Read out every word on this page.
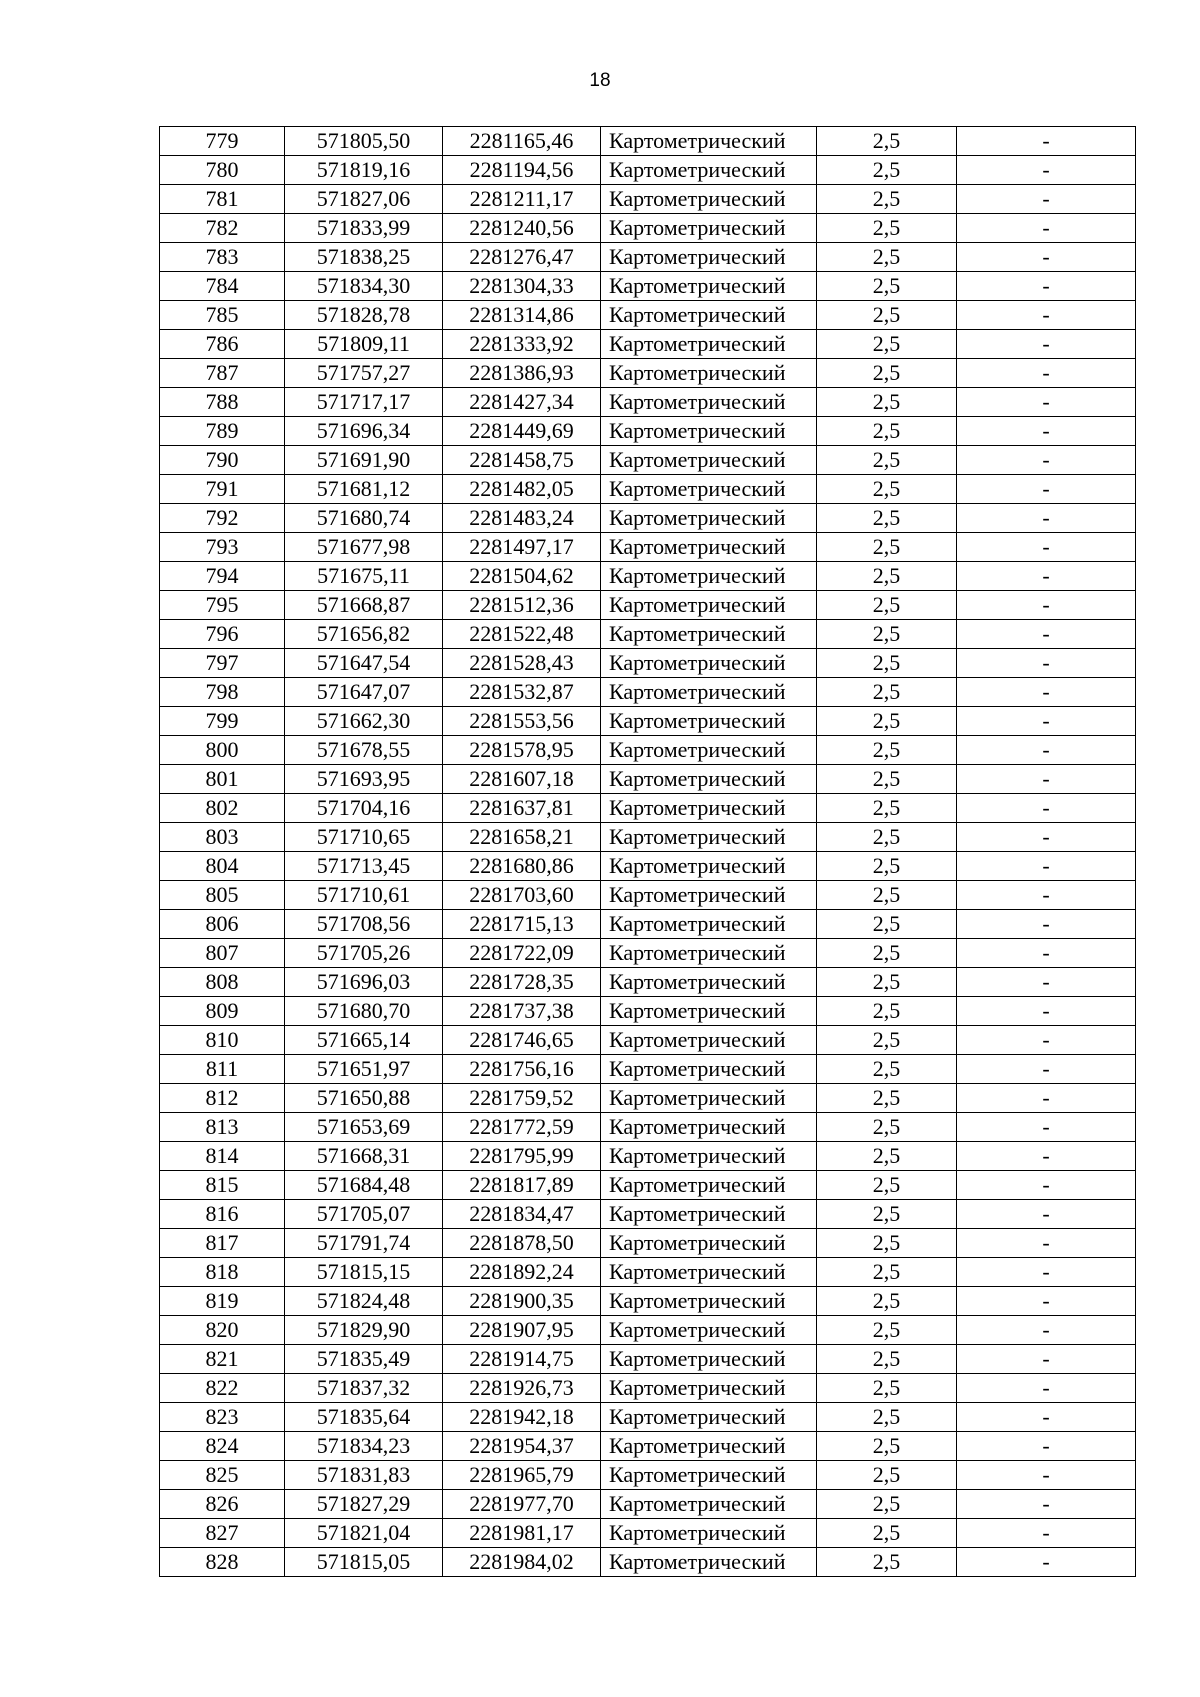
18
779	571805,50	2281165,46	Картометрический	2,5	-
780	571819,16	2281194,56	Картометрический	2,5	-
781	571827,06	2281211,17	Картометрический	2,5	-
782	571833,99	2281240,56	Картометрический	2,5	-
783	571838,25	2281276,47	Картометрический	2,5	-
784	571834,30	2281304,33	Картометрический	2,5	-
785	571828,78	2281314,86	Картометрический	2,5	-
786	571809,11	2281333,92	Картометрический	2,5	-
787	571757,27	2281386,93	Картометрический	2,5	-
788	571717,17	2281427,34	Картометрический	2,5	-
789	571696,34	2281449,69	Картометрический	2,5	-
790	571691,90	2281458,75	Картометрический	2,5	-
791	571681,12	2281482,05	Картометрический	2,5	-
792	571680,74	2281483,24	Картометрический	2,5	-
793	571677,98	2281497,17	Картометрический	2,5	-
794	571675,11	2281504,62	Картометрический	2,5	-
795	571668,87	2281512,36	Картометрический	2,5	-
796	571656,82	2281522,48	Картометрический	2,5	-
797	571647,54	2281528,43	Картометрический	2,5	-
798	571647,07	2281532,87	Картометрический	2,5	-
799	571662,30	2281553,56	Картометрический	2,5	-
800	571678,55	2281578,95	Картометрический	2,5	-
801	571693,95	2281607,18	Картометрический	2,5	-
802	571704,16	2281637,81	Картометрический	2,5	-
803	571710,65	2281658,21	Картометрический	2,5	-
804	571713,45	2281680,86	Картометрический	2,5	-
805	571710,61	2281703,60	Картометрический	2,5	-
806	571708,56	2281715,13	Картометрический	2,5	-
807	571705,26	2281722,09	Картометрический	2,5	-
808	571696,03	2281728,35	Картометрический	2,5	-
809	571680,70	2281737,38	Картометрический	2,5	-
810	571665,14	2281746,65	Картометрический	2,5	-
811	571651,97	2281756,16	Картометрический	2,5	-
812	571650,88	2281759,52	Картометрический	2,5	-
813	571653,69	2281772,59	Картометрический	2,5	-
814	571668,31	2281795,99	Картометрический	2,5	-
815	571684,48	2281817,89	Картометрический	2,5	-
816	571705,07	2281834,47	Картометрический	2,5	-
817	571791,74	2281878,50	Картометрический	2,5	-
818	571815,15	2281892,24	Картометрический	2,5	-
819	571824,48	2281900,35	Картометрический	2,5	-
820	571829,90	2281907,95	Картометрический	2,5	-
821	571835,49	2281914,75	Картометрический	2,5	-
822	571837,32	2281926,73	Картометрический	2,5	-
823	571835,64	2281942,18	Картометрический	2,5	-
824	571834,23	2281954,37	Картометрический	2,5	-
825	571831,83	2281965,79	Картометрический	2,5	-
826	571827,29	2281977,70	Картометрический	2,5	-
827	571821,04	2281981,17	Картометрический	2,5	-
828	571815,05	2281984,02	Картометрический	2,5	-
